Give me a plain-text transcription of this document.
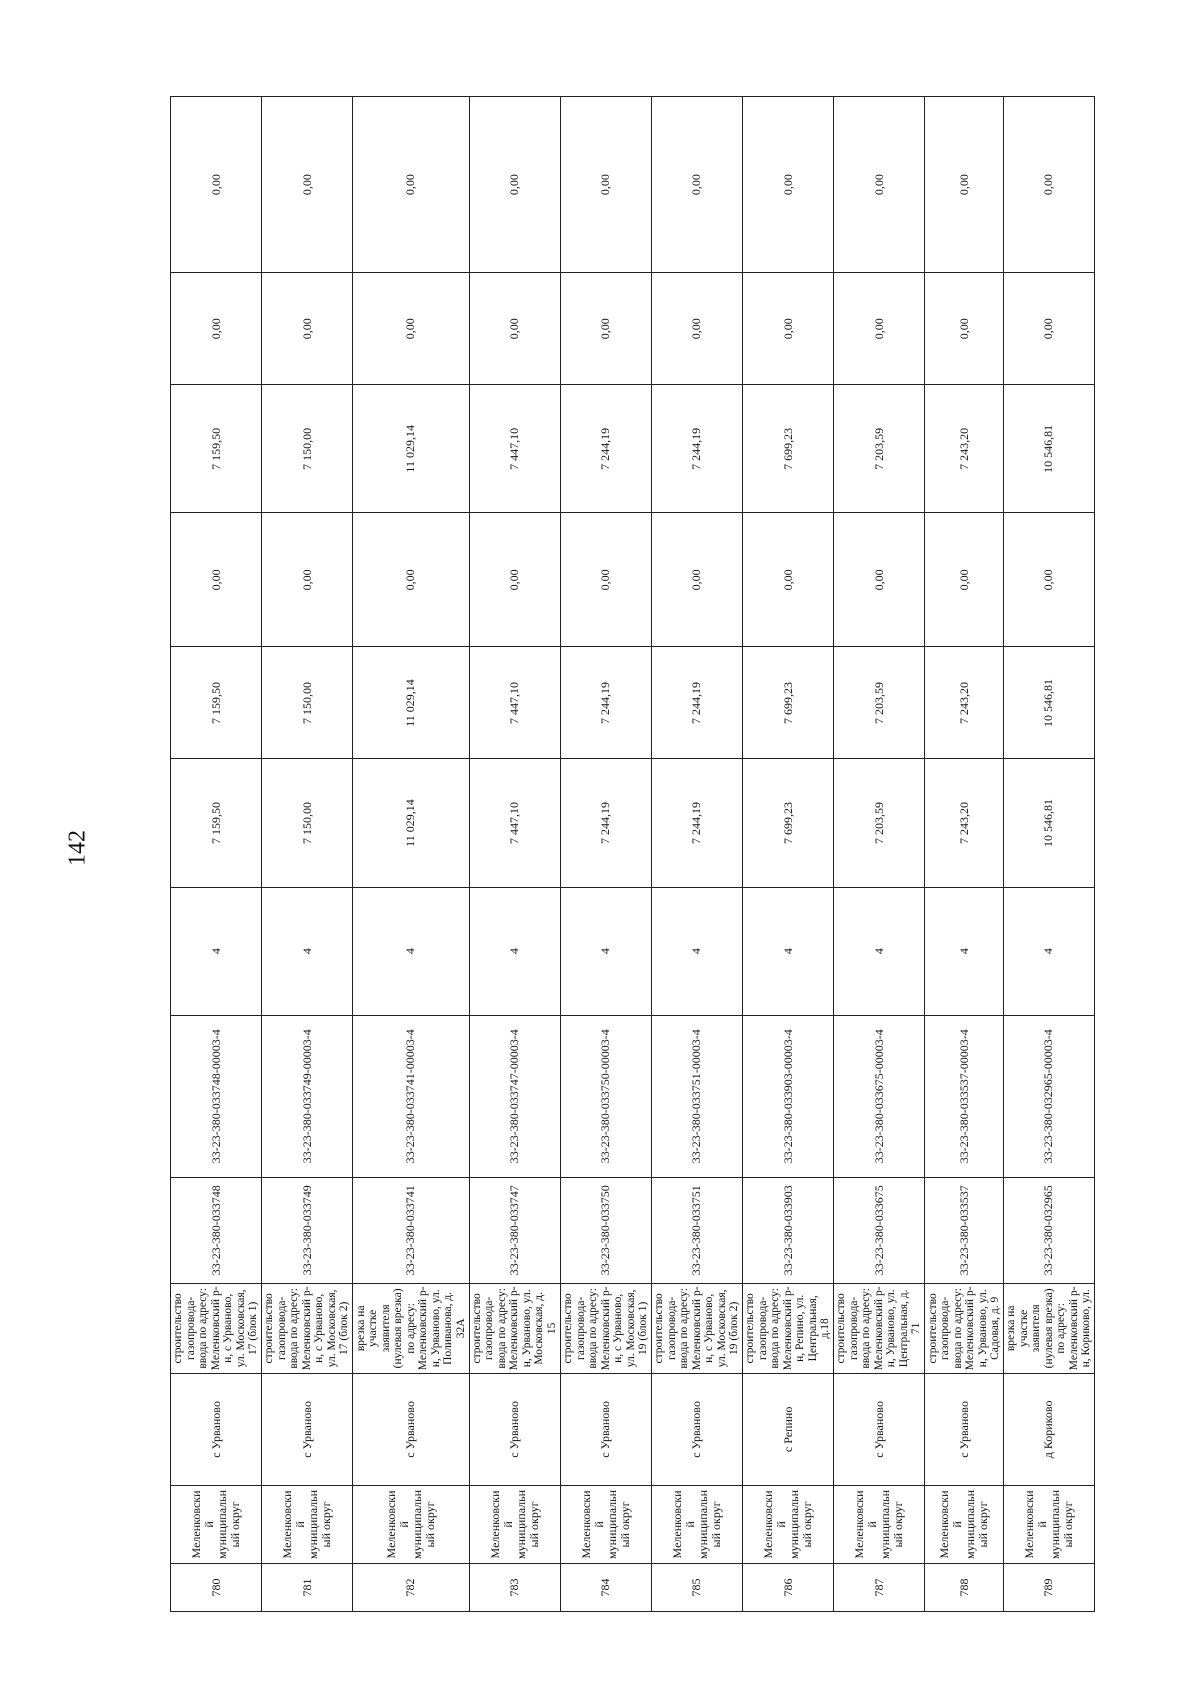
142
780	Меленковский муниципальный округ	с Урвановo	строительство газопровода-ввода по адресу: Меленковский р-н, с Урвановo, ул. Московская, 17 (блок 1)	33-23-380-033748	33-23-380-033748-00003-4	4	7 159,50	7 159,50	0,00	7 159,50	0,00	0,00
781	Меленковский муниципальный округ	с Урвановo	строительство газопровода-ввода по адресу: Меленковский р-н, с Урвановo, ул. Московская, 17 (блок 2)	33-23-380-033749	33-23-380-033749-00003-4	4	7 150,00	7 150,00	0,00	7 150,00	0,00	0,00
782	Меленковский муниципальный округ	с Урвановo	врезка на участке заявителя (нулевая врезка) по адресу: Меленковский р-н, Урвановo, ул. Поливанова, д. 32А	33-23-380-033741	33-23-380-033741-00003-4	4	11 029,14	11 029,14	0,00	11 029,14	0,00	0,00
783	Меленковский муниципальный округ	с Урвановo	строительство газопровода-ввода по адресу: Меленковский р-н, Урвановo, ул. Московская, д. 15	33-23-380-033747	33-23-380-033747-00003-4	4	7 447,10	7 447,10	0,00	7 447,10	0,00	0,00
784	Меленковский муниципальный округ	с Урвановo	строительство газопровода-ввода по адресу: Меленковский р-н, с Урвановo, ул. Московская, 19 (блок 1)	33-23-380-033750	33-23-380-033750-00003-4	4	7 244,19	7 244,19	0,00	7 244,19	0,00	0,00
785	Меленковский муниципальный округ	с Урвановo	строительство газопровода-ввода по адресу: Меленковский р-н, с Урвановo, ул. Московская, 19 (блок 2)	33-23-380-033751	33-23-380-033751-00003-4	4	7 244,19	7 244,19	0,00	7 244,19	0,00	0,00
786	Меленковский муниципальный округ	с Репино	строительство газопровода-ввода по адресу: Меленковский р-н, Репино, ул. Центральная, д.18	33-23-380-033903	33-23-380-033903-00003-4	4	7 699,23	7 699,23	0,00	7 699,23	0,00	0,00
787	Меленковский муниципальный округ	с Урвановo	строительство газопровода-ввода по адресу: Меленковский р-н, Урвановo, ул. Центральная, д. 71	33-23-380-033675	33-23-380-033675-00003-4	4	7 203,59	7 203,59	0,00	7 203,59	0,00	0,00
788	Меленковский муниципальный округ	с Урвановo	строительство газопровода-ввода по адресу: Меленковский р-н, Урвановo, ул. Садовая, д. 9	33-23-380-033537	33-23-380-033537-00003-4	4	7 243,20	7 243,20	0,00	7 243,20	0,00	0,00
789	Меленковский муниципальный округ	д Кориково	врезка на участке заявителя (нулевая врезка) по адресу: Меленковский р-н, Кориково, ул.	33-23-380-032965	33-23-380-032965-00003-4	4	10 546,81	10 546,81	0,00	10 546,81	0,00	0,00
